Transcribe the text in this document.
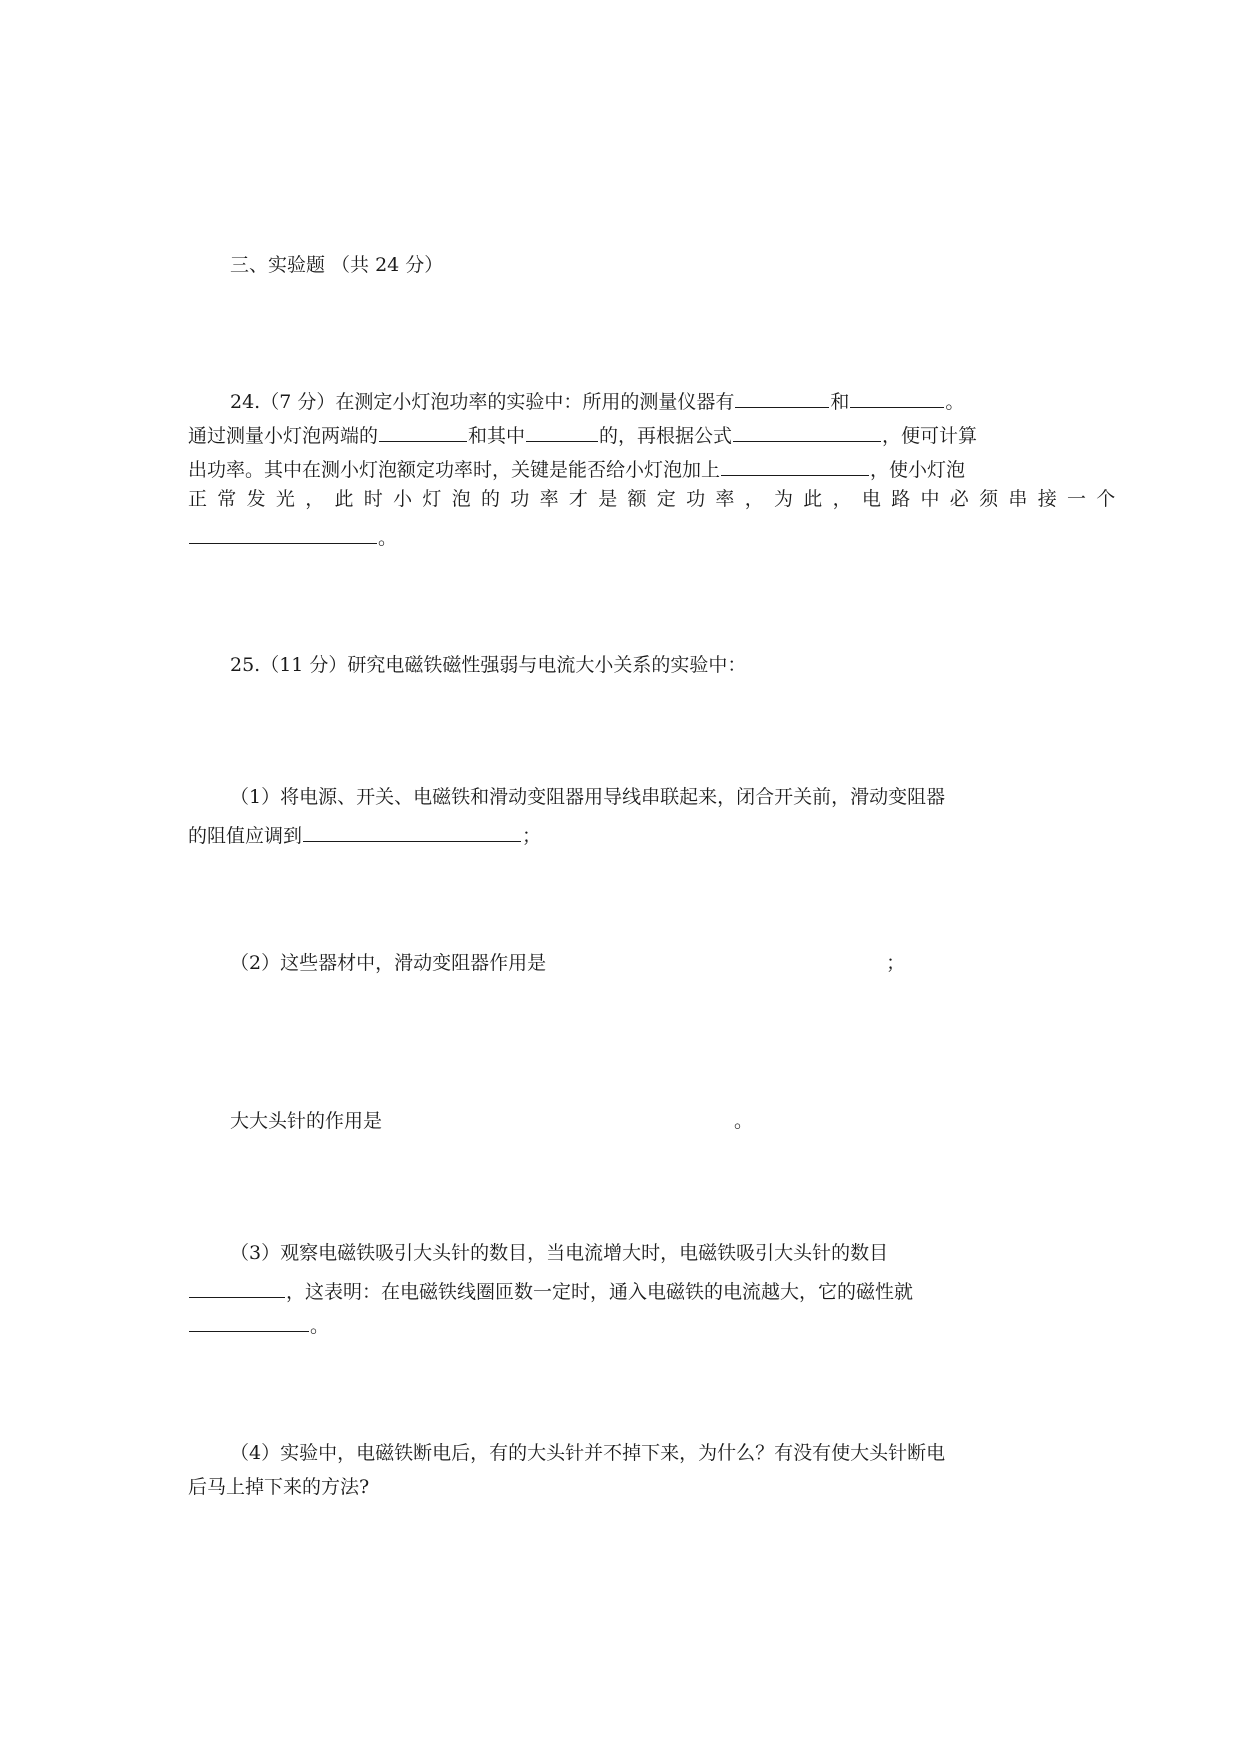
三、实验题 （共 24 分）
24.（7 分）在测定小灯泡功率的实验中：所用的测量仪器有	和	。
通过测量小灯泡两端的	和其中	的，再根据公式	，便可计算
出功率。其中在测小灯泡额定功率时，关键是能否给小灯泡加上	，使小灯泡
正常发光，此时小灯泡的功率才是额定功率，为此，电路中必须串接一个
。
25.（11 分）研究电磁铁磁性强弱与电流大小关系的实验中：
（1）将电源、开关、电磁铁和滑动变阻器用导线串联起来，闭合开关前，滑动变阻器
的阻值应调到	；
（2）这些器材中，滑动变阻器作用是	；
大大头针的作用是	。
（3）观察电磁铁吸引大头针的数目，当电流增大时，电磁铁吸引大头针的数目
，这表明：在电磁铁线圈匝数一定时，通入电磁铁的电流越大，它的磁性就
。
（4）实验中，电磁铁断电后，有的大头针并不掉下来，为什么？有没有使大头针断电
后马上掉下来的方法?
